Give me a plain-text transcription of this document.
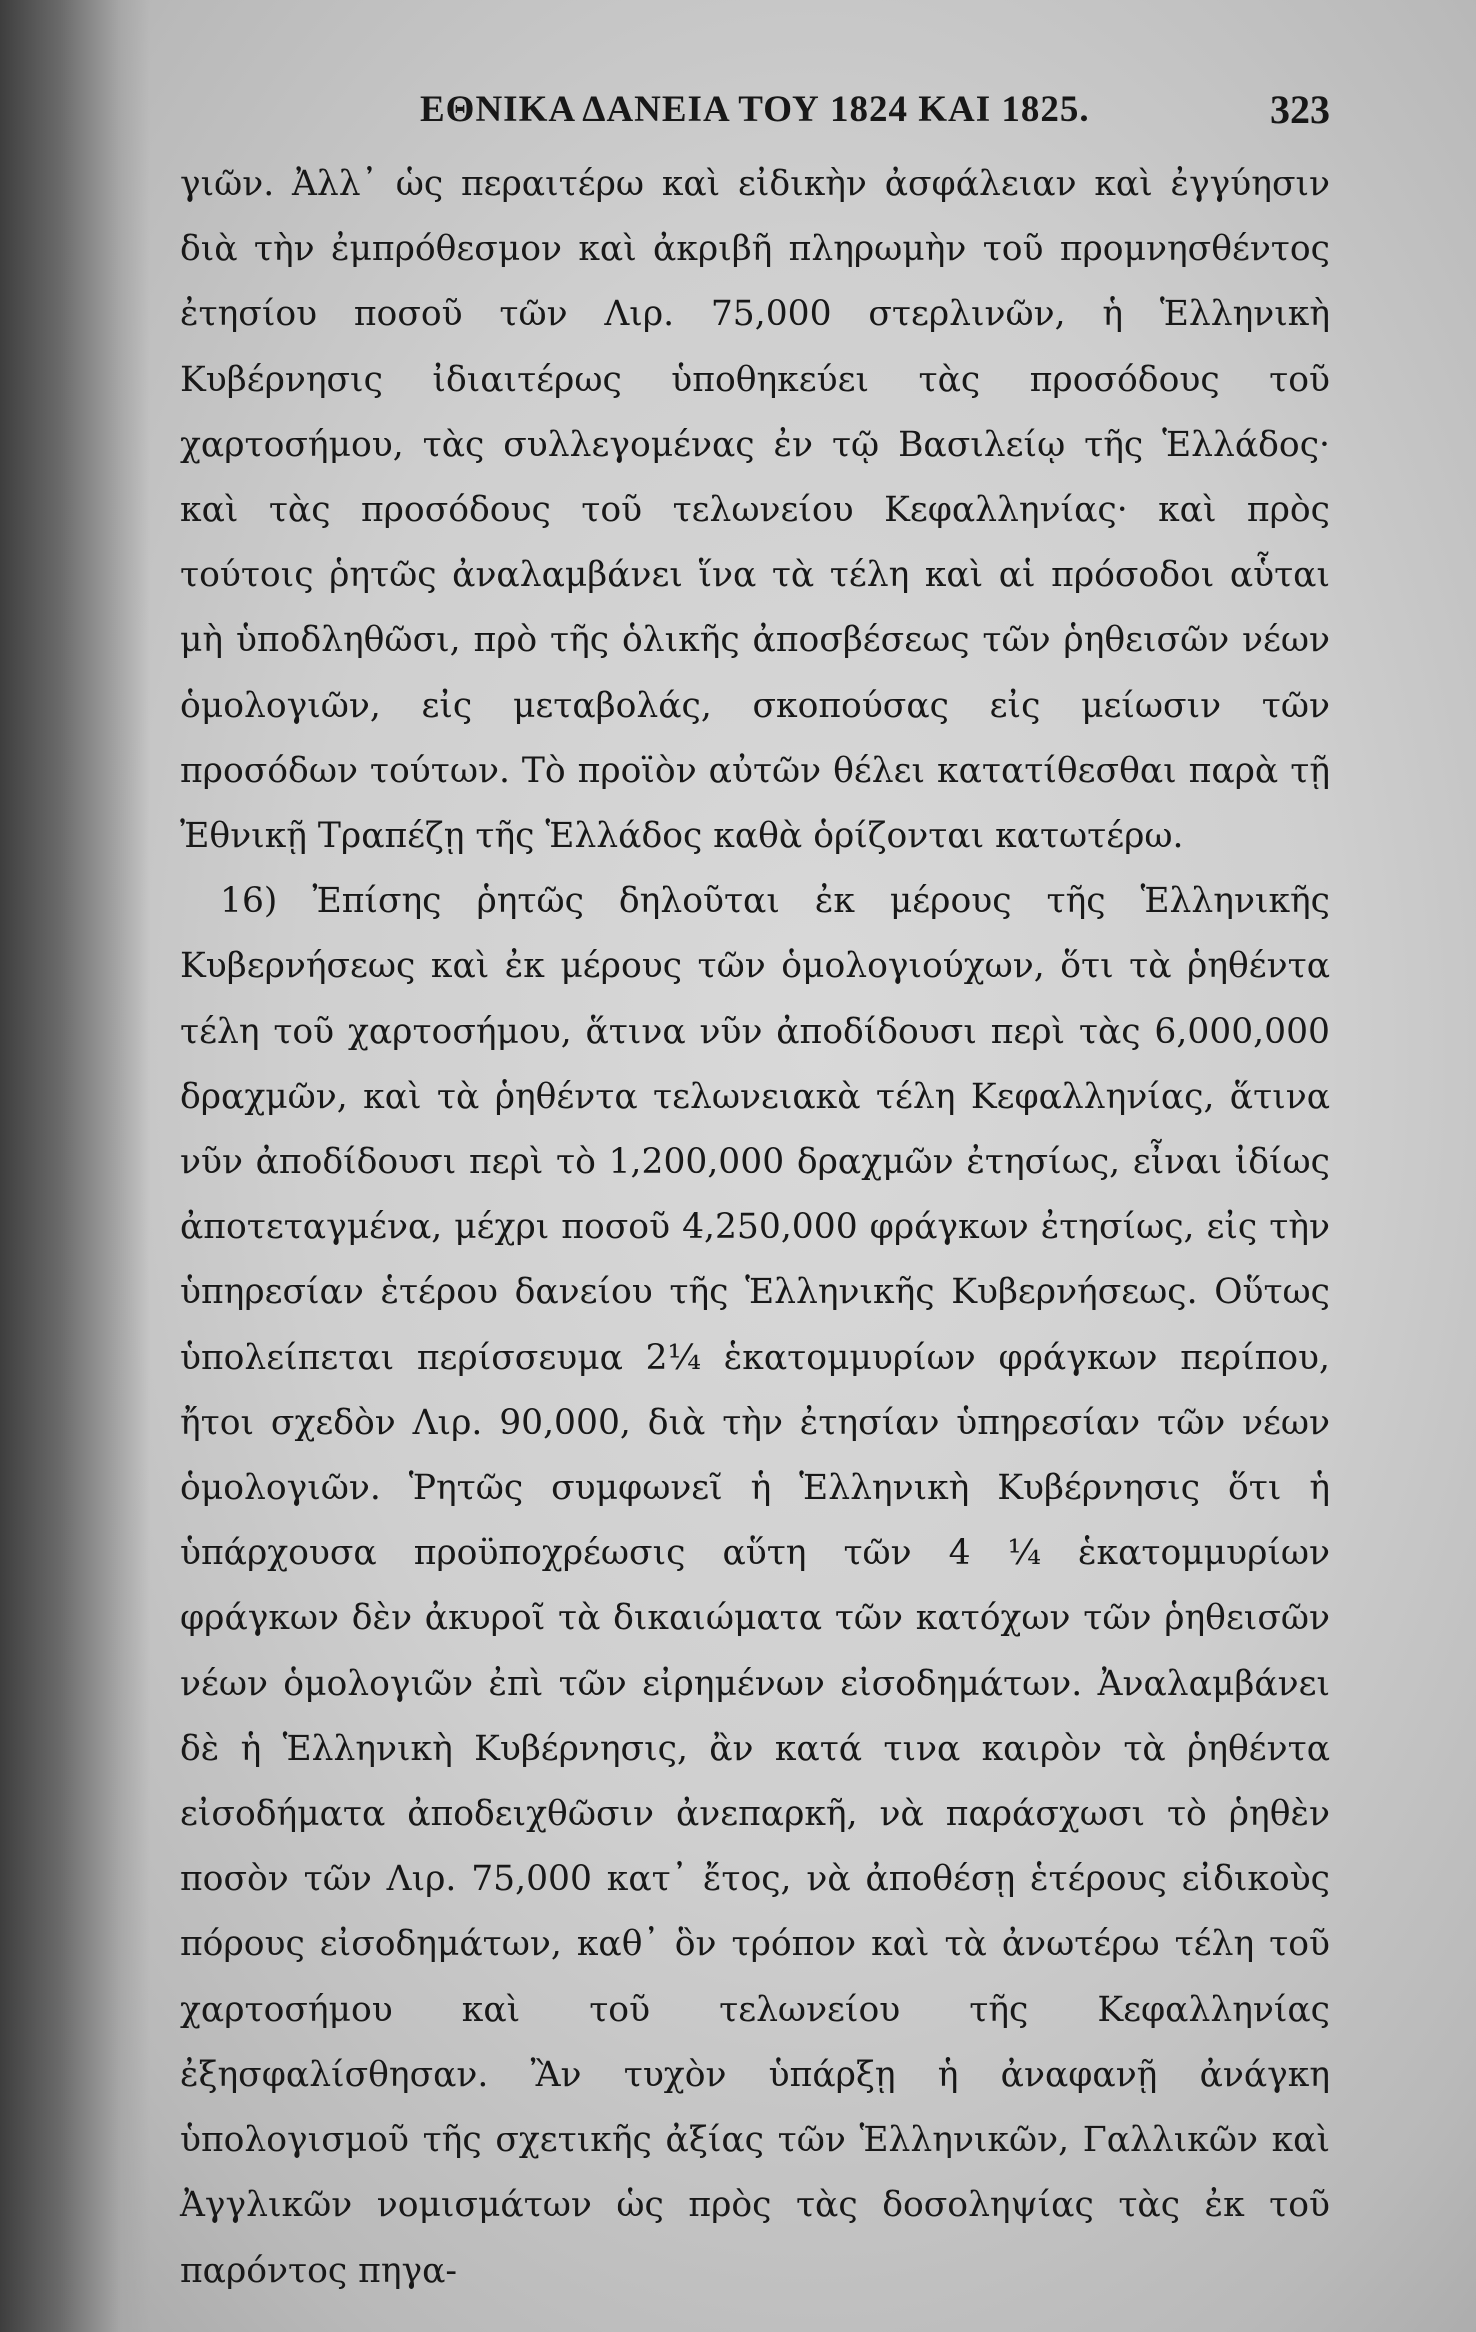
ΕΘΝΙΚΑ ΔΑΝΕΙΑ ΤΟΥ 1824 ΚΑΙ 1825.	323

γιῶν. Ἀλλ᾽ ὡς περαιτέρω καὶ εἰδικὴν ἀσφάλειαν καὶ ἐγγύησιν διὰ τὴν ἐμπρόθεσμον καὶ ἀκριβῆ πληρωμὴν τοῦ προμνησθέντος ἐτησίου ποσοῦ τῶν Λιρ. 75,000 στερλινῶν, ἡ Ἑλληνικὴ Κυβέρνησις ἰδιαιτέρως ὑποθηκεύει τὰς προσόδους τοῦ χαρτοσήμου, τὰς συλλεγομένας ἐν τῷ Βασιλείῳ τῆς Ἑλλάδος· καὶ τὰς προσόδους τοῦ τελωνείου Κεφαλληνίας· καὶ πρὸς τούτοις ῥητῶς ἀναλαμβάνει ἵνα τὰ τέλη καὶ αἱ πρόσοδοι αὗται μὴ ὑποδληθῶσι, πρὸ τῆς ὁλικῆς ἀποσβέσεως τῶν ῥηθεισῶν νέων ὁμολογιῶν, εἰς μεταβολάς, σκοπούσας εἰς μείωσιν τῶν προσόδων τούτων. Τὸ προϊὸν αὐτῶν θέλει κατατίθεσθαι παρὰ τῇ Ἐθνικῇ Τραπέζῃ τῆς Ἑλλάδος καθὰ ὁρίζονται κατωτέρω.

16) Ἐπίσης ῥητῶς δηλοῦται ἐκ μέρους τῆς Ἑλληνικῆς Κυβερνήσεως καὶ ἐκ μέρους τῶν ὁμολογιούχων, ὅτι τὰ ῥηθέντα τέλη τοῦ χαρτοσήμου, ἅτινα νῦν ἀποδίδουσι περὶ τὰς 6,000,000 δραχμῶν, καὶ τὰ ῥηθέντα τελωνειακὰ τέλη Κεφαλληνίας, ἅτινα νῦν ἀποδίδουσι περὶ τὸ 1,200,000 δραχμῶν ἐτησίως, εἶναι ἰδίως ἀποτεταγμένα, μέχρι ποσοῦ 4,250,000 φράγκων ἐτησίως, εἰς τὴν ὑπηρεσίαν ἑτέρου δανείου τῆς Ἑλληνικῆς Κυβερνήσεως. Οὕτως ὑπολείπεται περίσσευμα 2¼ ἑκατομμυρίων φράγκων περίπου, ἤτοι σχεδὸν Λιρ. 90,000, διὰ τὴν ἐτησίαν ὑπηρεσίαν τῶν νέων ὁμολογιῶν. Ῥητῶς συμφωνεῖ ἡ Ἑλληνικὴ Κυβέρνησις ὅτι ἡ ὑπάρχουσα προϋποχρέωσις αὕτη τῶν 4 ¼ ἑκατομμυρίων φράγκων δὲν ἀκυροῖ τὰ δικαιώματα τῶν κατόχων τῶν ῥηθεισῶν νέων ὁμολογιῶν ἐπὶ τῶν εἰρημένων εἰσοδημάτων. Ἀναλαμβάνει δὲ ἡ Ἑλληνικὴ Κυβέρνησις, ἂν κατά τινα καιρὸν τὰ ῥηθέντα εἰσοδήματα ἀποδειχθῶσιν ἀνεπαρκῆ, νὰ παράσχωσι τὸ ῥηθὲν ποσὸν τῶν Λιρ. 75,000 κατ᾽ ἔτος, νὰ ἀποθέσῃ ἑτέρους εἰδικοὺς πόρους εἰσοδημάτων, καθ᾽ ὃν τρόπον καὶ τὰ ἀνωτέρω τέλη τοῦ χαρτοσήμου καὶ τοῦ τελωνείου τῆς Κεφαλληνίας ἐξησφαλίσθησαν. Ἂν τυχὸν ὑπάρξῃ ἡ ἀναφανῇ ἀνάγκη ὑπολογισμοῦ τῆς σχετικῆς ἀξίας τῶν Ἑλληνικῶν, Γαλλικῶν καὶ Ἀγγλικῶν νομισμάτων ὡς πρὸς τὰς δοσοληψίας τὰς ἐκ τοῦ παρόντος πηγα-
